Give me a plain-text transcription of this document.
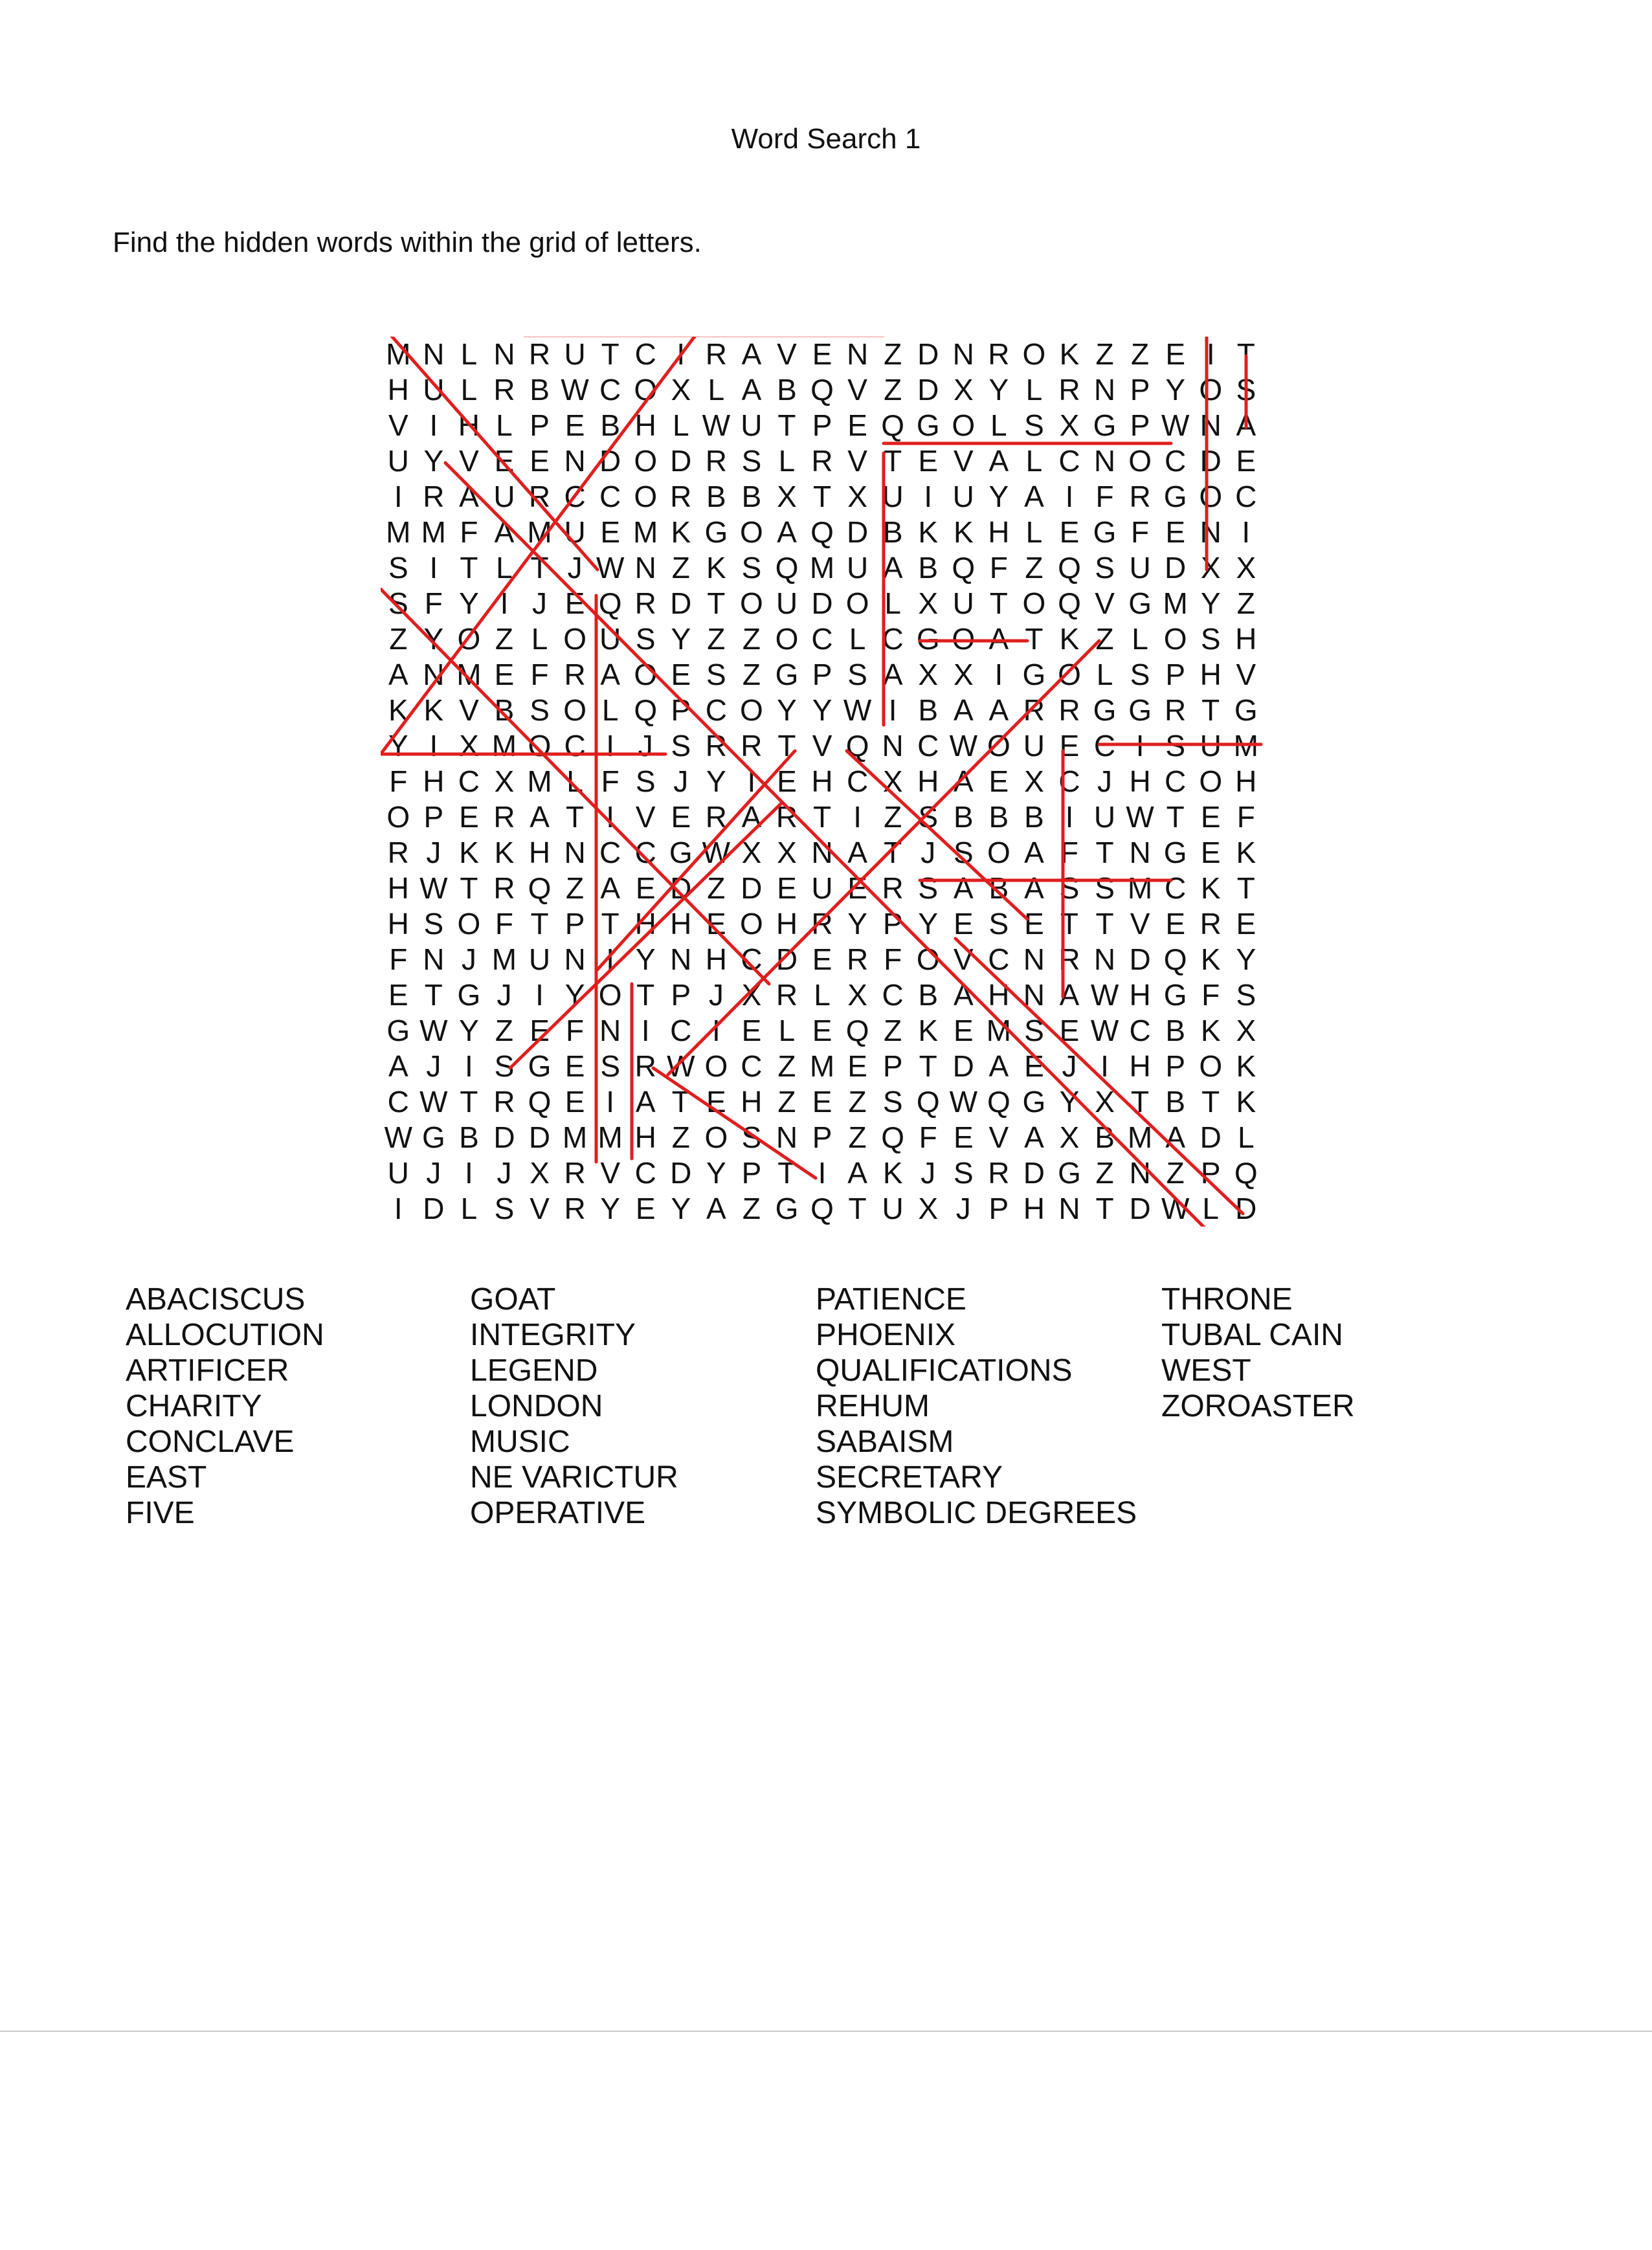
Word Search 1
Find the hidden words within the grid of letters.
M N L N R U T C I R A V E N Z D N R O K Z Z E I T
H U L R B W C O X L A B Q V Z D X Y L R N P Y O S
V I H L P E B H L W U T P E Q G O L S X G P W N A
U Y V E E N D O D R S L R V T E V A L C N O C D E
I R A U R C C O R B B X T X U I U Y A I F R G O C
M M F A M U E M K G O A Q D B K K H L E G F E N I
S I T L T J W N Z K S Q M U A B Q F Z Q S U D X X
S F Y I J E Q R D T O U D O L X U T O Q V G M Y Z
Z Y O Z L O U S Y Z Z O C L C G O A T K Z L O S H
A N M E F R A O E S Z G P S A X X I G O L S P H V
K K V B S O L Q P C O Y Y W I B A A R R G G R T G
Y I X M O C I J S R R T V Q N C W O U E C I S U M
F H C X M L F S J Y I E H C X H A E X C J H C O H
O P E R A T I V E R A R T I Z S B B B I U W T E F
R J K K H N C C G W X X N A T J S O A F T N G E K
H W T R Q Z A E D Z D E U E R S A B A S S M C K T
H S O F T P T H H E O H R Y P Y E S E T T V E R E
F N J M U N I Y N H C D E R F O V C N R N D Q K Y
E T G J I Y O T P J X R L X C B A H N A W H G F S
G W Y Z E F N I C I E L E Q Z K E M S E W C B K X
A J I S G E S R W O C Z M E P T D A E J I H P O K
C W T R Q E I A T E H Z E Z S Q W Q G Y X T B T K
W G B D D M M H Z O S N P Z Q F E V A X B M A D L
U J I J X R V C D Y P T I A K J S R D G Z N Z P Q
I D L S V R Y E Y A Z G Q T U X J P H N T D W L D
ABACISCUS
ALLOCUTION
ARTIFICER
CHARITY
CONCLAVE
EAST
FIVE
GOAT
INTEGRITY
LEGEND
LONDON
MUSIC
NE VARICTUR
OPERATIVE
PATIENCE
PHOENIX
QUALIFICATIONS
REHUM
SABAISM
SECRETARY
SYMBOLIC DEGREES
THRONE
TUBAL CAIN
WEST
ZOROASTER
